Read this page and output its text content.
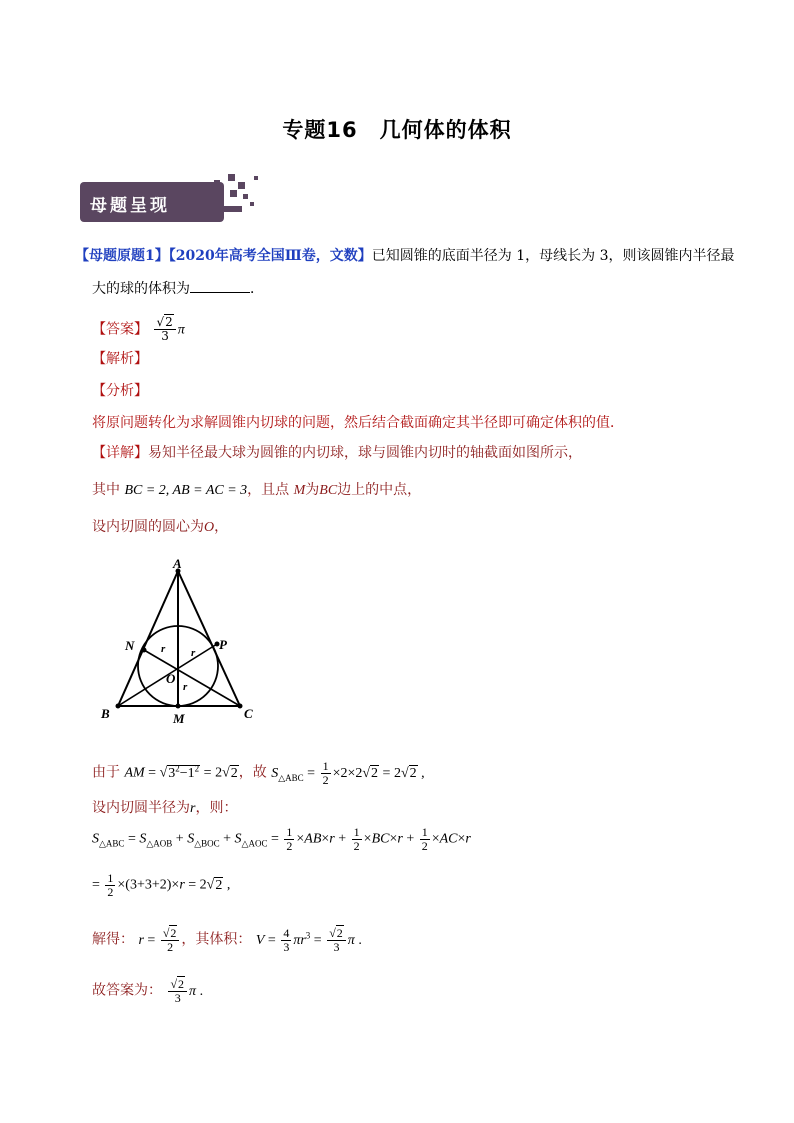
专题16　几何体的体积
母题呈现
【母题原题1】【2020年高考全国Ⅲ卷，文数】已知圆锥的底面半径为 1，母线长为 3，则该圆锥内半径最
大的球的体积为	．
【答案】 $\frac{√2}{3}$ π
【解析】
【分析】
将原问题转化为求解圆锥内切球的问题，然后结合截面确定其半径即可确定体积的值．
【详解】易知半径最大球为圆锥的内切球，球与圆锥内切时的轴截面如图所示，
其中 BC = 2, AB = AC = 3，且点 M为BC边上的中点，
设内切圆的圆心为O，
A
B	C
M
N	P
O
r r
r
由于 AM = $√3^2-1^2 = 2√2$，故 $S_{\triangle ABC} = \frac{1}{2} \times 2\times 2√2 = 2√2$ ,
设内切圆半径为r，则：
$S_{\triangle ABC} = S_{\triangle AOB} + S_{\triangle BOC} + S_{\triangle AOC} = \frac{1}{2} \times AB\times r + \frac{1}{2} \times BC\times r + \frac{1}{2} \times AC\times r$
= $\frac{1}{2} \times(3+3+2)\times r = 2√2$ ,
解得： $r = \frac{√2}{2}$ ，其体积： $V = \frac{4}{3} \pi r^3 = \frac{√2}{3}$ π .
故答案为： $\frac{√2}{3}$ π .
